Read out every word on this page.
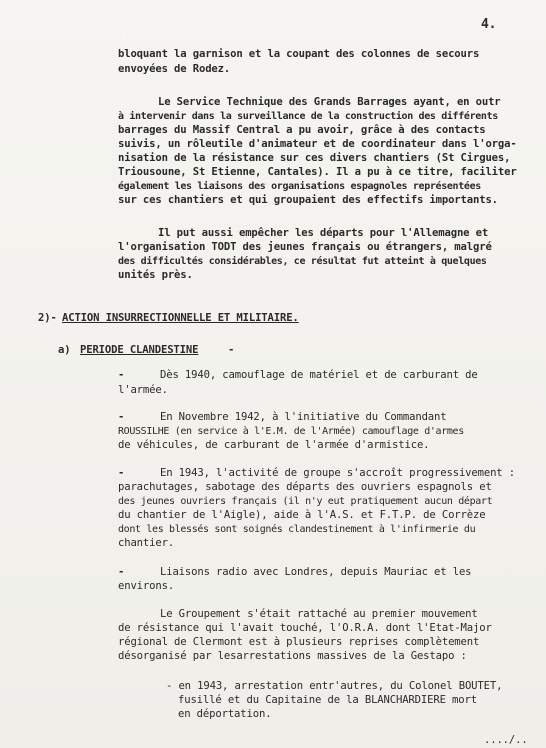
4.
bloquant la garnison et la coupant des colonnes de secours
envoyées de Rodez.
Le Service Technique des Grands Barrages ayant, en outr
à intervenir dans la surveillance de la construction des différents
barrages du Massif Central a pu avoir, grâce à des contacts
suivis, un rôleutile d'animateur et de coordinateur dans l'orga-
nisation de la résistance sur ces divers chantiers (St Cirgues,
Triousoune, St Etienne, Cantales). Il a pu à ce titre, faciliter
également les liaisons des organisations espagnoles représentées
sur ces chantiers et qui groupaient des effectifs importants.
Il put aussi empêcher les départs pour l'Allemagne et
l'organisation TODT des jeunes français ou étrangers, malgré
des difficultés considérables, ce résultat fut atteint à quelques
unités près.
2)- ACTION INSURRECTIONNELLE ET MILITAIRE.
a) PERIODE CLANDESTINE	-
-	Dès 1940, camouflage de matériel et de carburant de
l'armée.
-	En Novembre 1942, à l'initiative du Commandant
ROUSSILHE (en service à l'E.M. de l'Armée) camouflage d'armes
de véhicules, de carburant de l'armée d'armistice.
-	En 1943, l'activité de groupe s'accroît progressivement :
parachutages, sabotage des départs des ouvriers espagnols et
des jeunes ouvriers français (il n'y eut pratiquement aucun départ
du chantier de l'Aigle), aide à l'A.S. et F.T.P. de Corrèze
dont les blessés sont soignés clandestinement à l'infirmerie du
chantier.
-	Liaisons radio avec Londres, depuis Mauriac et les
environs.
Le Groupement s'était rattaché au premier mouvement
de résistance qui l'avait touché, l'O.R.A. dont l'Etat-Major
régional de Clermont est à plusieurs reprises complètement
désorganisé par lesarrestations massives de la Gestapo :
- en 1943, arrestation entr'autres, du Colonel BOUTET,
fusillé et du Capitaine de la BLANCHARDIERE mort
en déportation.
..../..
